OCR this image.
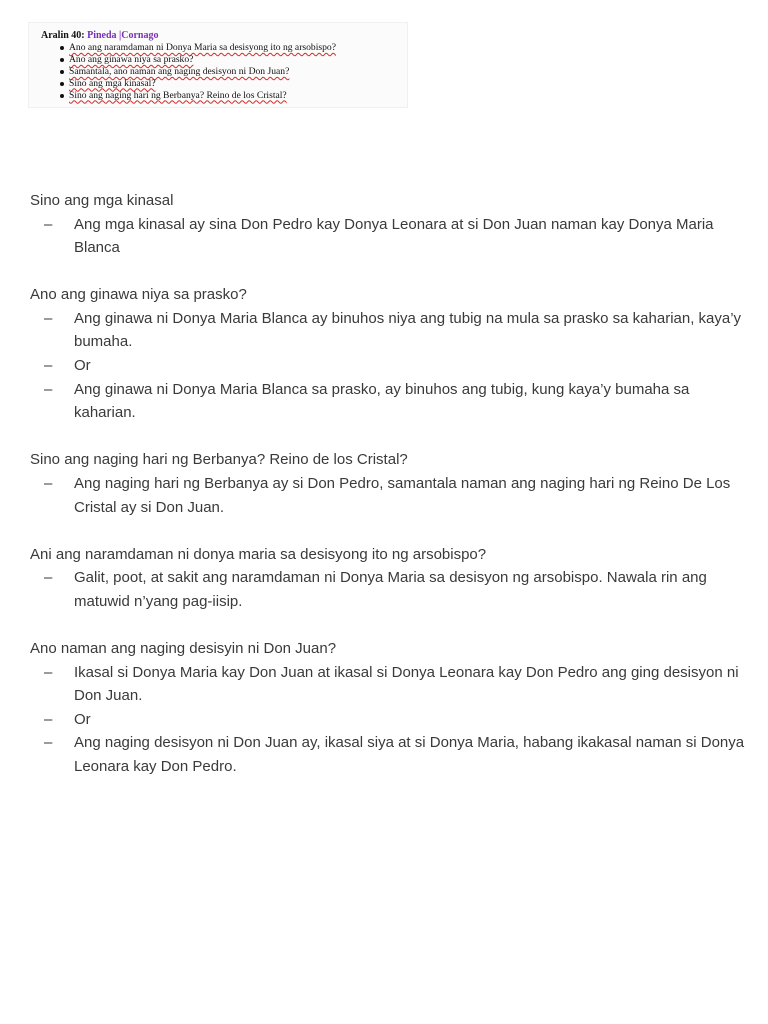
Aralin 40: Pineda |Cornago
Ano ang naramdaman ni Donya Maria sa desisyong ito ng arsobispo?
Ano ang ginawa niya sa prasko?
Samantala, ano naman ang naging desisyon ni Don Juan?
Sino ang mga kinasal?
Sino ang naging hari ng Berbanya? Reino de los Cristal?
Sino ang mga kinasal
– Ang mga kinasal ay sina Don Pedro kay Donya Leonara at si Don Juan naman kay Donya Maria Blanca
Ano ang ginawa niya sa prasko?
– Ang ginawa ni Donya Maria Blanca ay binuhos niya ang tubig na mula sa prasko sa kaharian, kaya’y bumaha.
– Or
– Ang ginawa ni Donya Maria Blanca sa prasko, ay binuhos ang tubig, kung kaya’y bumaha sa kaharian.
Sino ang naging hari ng Berbanya? Reino de los Cristal?
– Ang naging hari ng Berbanya ay si Don Pedro, samantala naman ang naging hari ng Reino De Los Cristal ay si Don Juan.
Ani ang naramdaman ni donya maria sa desisyong ito ng arsobispo?
– Galit, poot, at sakit ang naramdaman ni Donya Maria sa desisyon ng arsobispo. Nawala rin ang matuwid n’yang pag-iisip.
Ano naman ang naging desisyin ni Don Juan?
– Ikasal si Donya Maria kay Don Juan at ikasal si Donya Leonara kay Don Pedro ang ging desisyon ni Don Juan.
– Or
– Ang naging desisyon ni Don Juan ay, ikasal siya at si Donya Maria, habang ikakasal naman si Donya Leonara kay Don Pedro.
